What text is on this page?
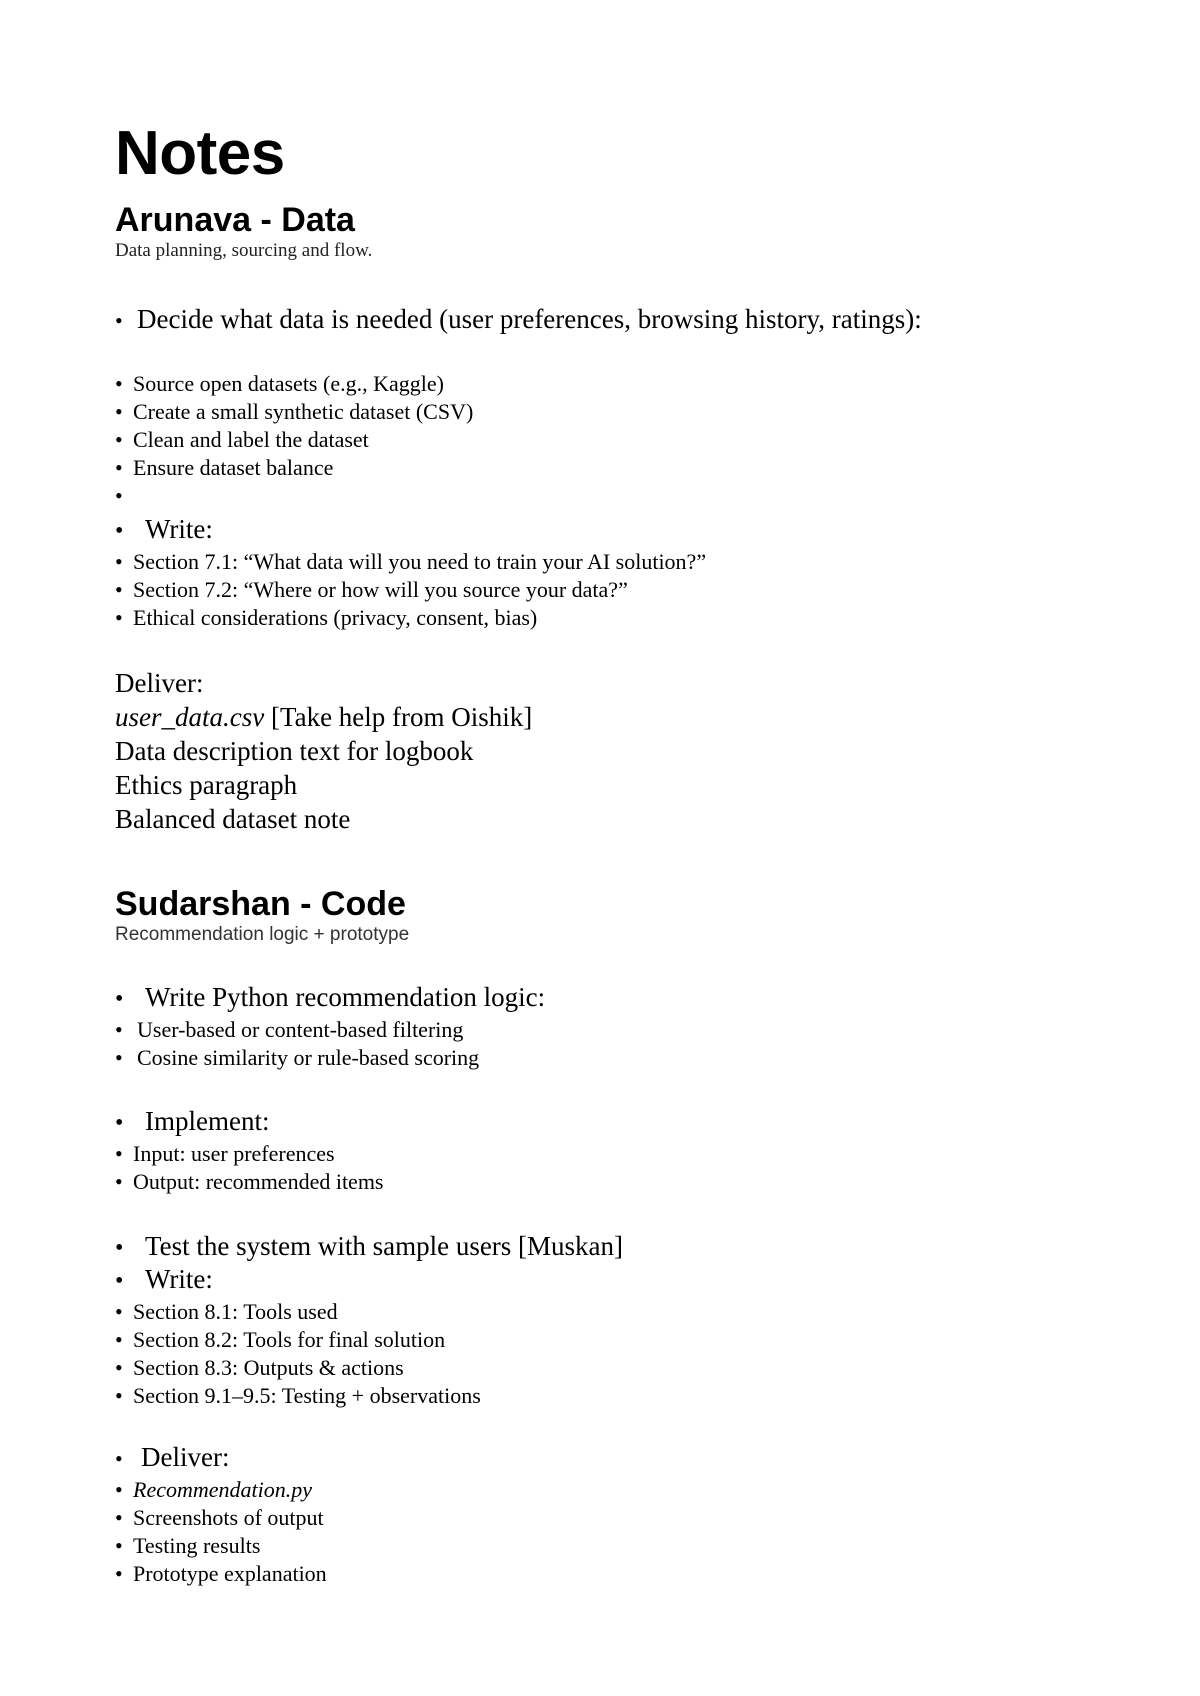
Notes
Arunava - Data

Data planning, sourcing and flow.

• Decide what data is needed (user preferences, browsing history, ratings):
• Source open datasets (e.g., Kaggle)
• Create a small synthetic dataset (CSV)
• Clean and label the dataset
• Ensure dataset balance
•
• Write:
• Section 7.1: “What data will you need to train your AI solution?”
• Section 7.2: “Where or how will you source your data?”
• Ethical considerations (privacy, consent, bias)
Deliver:
user_data.csv [Take help from Oishik]
Data description text for logbook
Ethics paragraph
Balanced dataset note
Sudarshan - Code

Recommendation logic + prototype

• Write Python recommendation logic:
• User-based or content-based filtering
• Cosine similarity or rule-based scoring
• Implement:
• Input: user preferences
• Output: recommended items
• Test the system with sample users [Muskan]
• Write:
• Section 8.1: Tools used
• Section 8.2: Tools for final solution
• Section 8.3: Outputs & actions
• Section 9.1–9.5: Testing + observations
• Deliver:
• Recommendation.py
• Screenshots of output
• Testing results
• Prototype explanation
